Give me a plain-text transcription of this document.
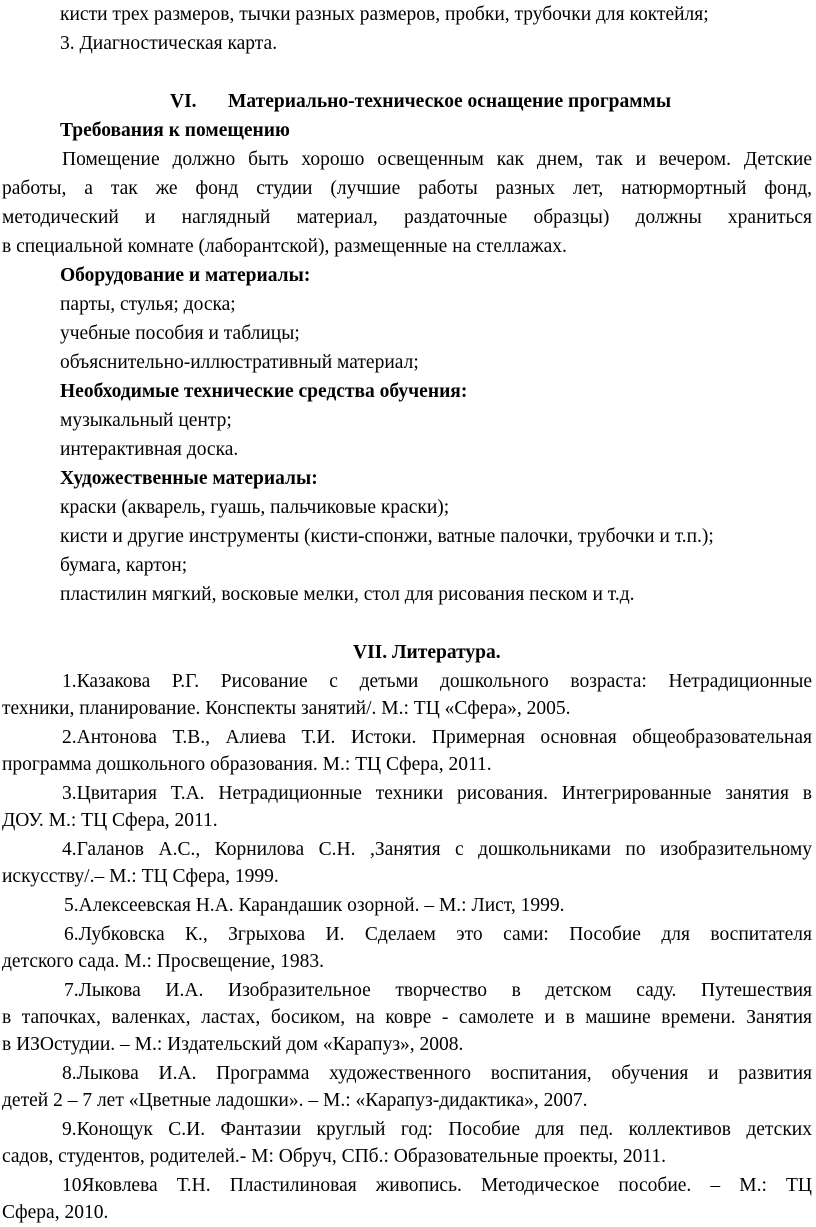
кисти трех размеров, тычки разных размеров, пробки, трубочки для коктейля;
3. Диагностическая карта.
VI. Материально-техническое оснащение программы
Требования к помещению
Помещение должно быть хорошо освещенным как днем, так и вечером. Детские
работы, а так же фонд студии (лучшие работы разных лет, натюрмортный фонд,
методический и наглядный материал, раздаточные образцы) должны храниться
в специальной комнате (лаборантской), размещенные на стеллажах.
Оборудование и материалы:
парты, стулья; доска;
учебные пособия и таблицы;
объяснительно-иллюстративный материал;
Необходимые технические средства обучения:
музыкальный центр;
интерактивная доска.
Художественные материалы:
краски (акварель, гуашь, пальчиковые краски);
кисти и другие инструменты (кисти-спонжи, ватные палочки, трубочки и т.п.);
бумага, картон;
пластилин мягкий, восковые мелки, стол для рисования песком и т.д.
VII. Литература.
1.Казакова Р.Г. Рисование с детьми дошкольного возраста: Нетрадиционные
техники, планирование. Конспекты занятий/. М.: ТЦ «Сфера», 2005.
2.Антонова Т.В., Алиева Т.И. Истоки. Примерная основная общеобразовательная
программа дошкольного образования. М.: ТЦ Сфера, 2011.
3.Цвитария Т.А. Нетрадиционные техники рисования. Интегрированные занятия в
ДОУ. М.: ТЦ Сфера, 2011.
4.Галанов А.С., Корнилова С.Н. ,Занятия с дошкольниками по изобразительному
искусству/.– М.: ТЦ Сфера, 1999.
5.Алексеевская Н.А. Карандашик озорной. – М.: Лист, 1999.
6.Лубковска К., Згрыхова И. Сделаем это сами: Пособие для воспитателя
детского сада. М.: Просвещение, 1983.
7.Лыкова И.А. Изобразительное творчество в детском саду. Путешествия
в тапочках, валенках, ластах, босиком, на ковре - самолете и в машине времени. Занятия
в ИЗОстудии. – М.: Издательский дом «Карапуз», 2008.
8.Лыкова И.А. Программа художественного воспитания, обучения и развития
детей 2 – 7 лет «Цветные ладошки». – М.: «Карапуз-дидактика», 2007.
9.Конощук С.И. Фантазии круглый год: Пособие для пед. коллективов детских
садов, студентов, родителей.- М: Обруч, СПб.: Образовательные проекты, 2011.
10Яковлева Т.Н. Пластилиновая живопись. Методическое пособие. – М.: ТЦ
Сфера, 2010.
